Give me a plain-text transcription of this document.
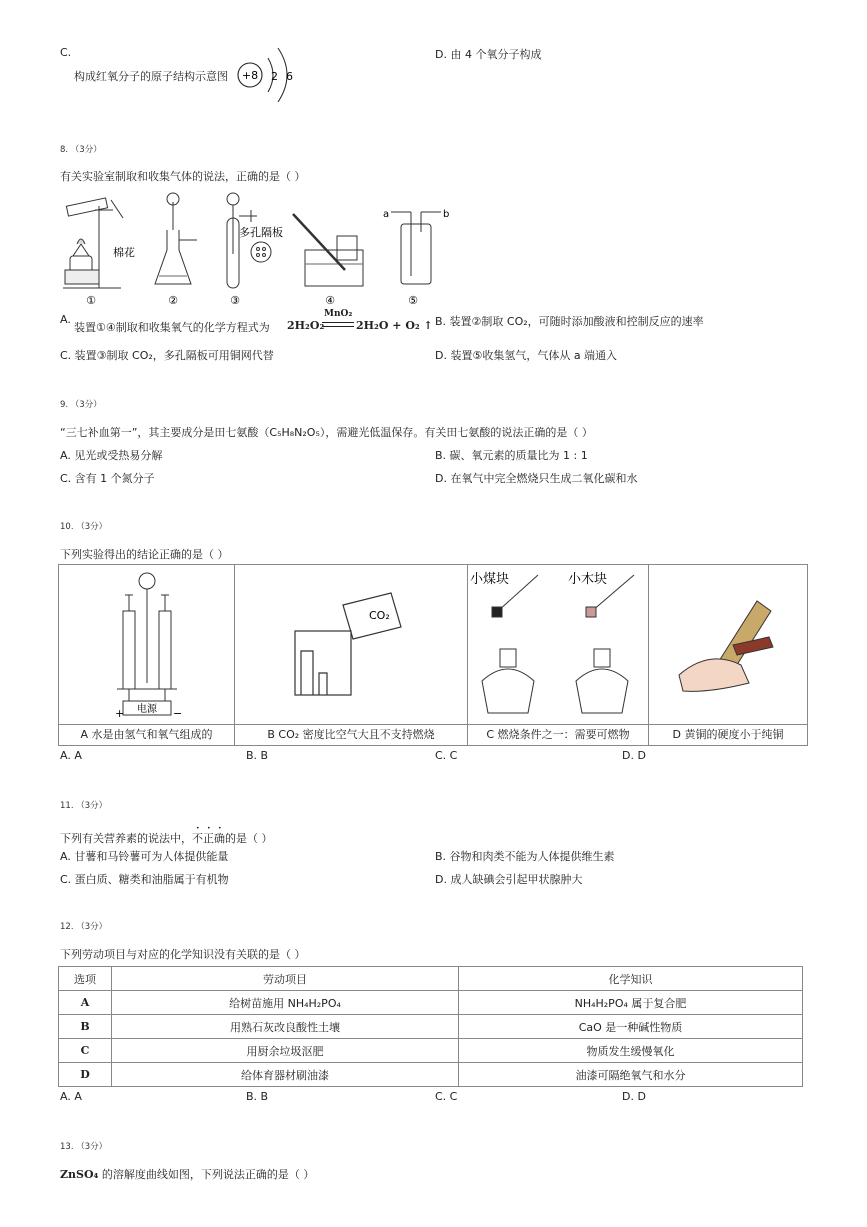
C.
构成红氧分子的原子结构示意图 +8 2 6
D. 由 4 个氧分子构成
8. （3分）
有关实验室制取和收集气体的说法，正确的是（ ）
棉花
多孔隔板
a	b
①	②	③	④	⑤
A.
装置①④制取和收集氧气的化学方程式为 2H₂O₂
MnO₂
2H₂O + O₂ ↑ B. 装置②制取 CO₂，可随时添加酸液和控制反应的速率
C. 装置③制取 CO₂，多孔隔板可用铜网代替	D. 装置⑤收集氢气，气体从 a 端通入
9. （3分）
“三七补血第一”，其主要成分是田七氨酸（C₅H₈N₂O₅），需避光低温保存。有关田七氨酸的说法正确的是（ ）
A. 见光或受热易分解	B. 碳、氧元素的质量比为 1 : 1
C. 含有 1 个氮分子	D. 在氧气中完全燃烧只生成二氧化碳和水
10. （3分）
下列实验得出的结论正确的是（ ）
电源
+ −	CO₂	小煤块 小木块

A 水是由氢气和氧气组成的	B CO₂ 密度比空气大且不支持燃烧	C 燃烧条件之一：需要可燃物	D 黄铜的硬度小于纯铜
A. A	B. B	C. C	D. D
11. （3分）
下列有关营养素的说法中，不正确的是（ ）
A. 甘薯和马铃薯可为人体提供能量	B. 谷物和肉类不能为人体提供维生素
C. 蛋白质、糖类和油脂属于有机物	D. 成人缺碘会引起甲状腺肿大
12. （3分）
下列劳动项目与对应的化学知识没有关联的是（ ）
选项	劳动项目	化学知识
A	给树苗施用 NH₄H₂PO₄	NH₄H₂PO₄ 属于复合肥
B	用熟石灰改良酸性土壤	CaO 是一种碱性物质
C	用厨余垃圾沤肥	物质发生缓慢氧化
D	给体育器材刷油漆	油漆可隔绝氧气和水分
A. A	B. B	C. C	D. D
13. （3分）
ZnSO₄ 的溶解度曲线如图，下列说法正确的是（ ）
